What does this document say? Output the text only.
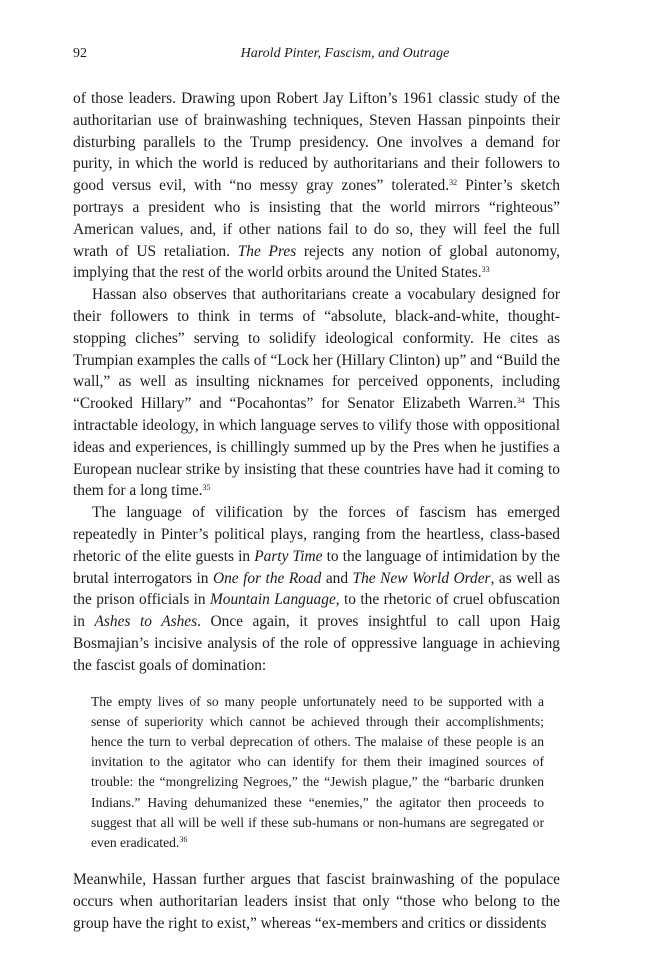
92	Harold Pinter, Fascism, and Outrage

of those leaders. Drawing upon Robert Jay Lifton’s 1961 classic study of the authoritarian use of brainwashing techniques, Steven Hassan pinpoints their disturbing parallels to the Trump presidency. One involves a demand for purity, in which the world is reduced by authoritarians and their followers to good versus evil, with “no messy gray zones” tolerated.$^{32}$ Pinter’s sketch portrays a president who is insisting that the world mirrors “righteous” American values, and, if other nations fail to do so, they will feel the full wrath of US retaliation. The Pres rejects any notion of global autonomy, implying that the rest of the world orbits around the United States.$^{33}$

Hassan also observes that authoritarians create a vocabulary designed for their followers to think in terms of “absolute, black-and-white, thought-stopping cliches” serving to solidify ideological conformity. He cites as Trumpian examples the calls of “Lock her (Hillary Clinton) up” and “Build the wall,” as well as insulting nicknames for perceived opponents, including “Crooked Hillary” and “Pocahontas” for Senator Elizabeth Warren.$^{34}$ This intractable ideology, in which language serves to vilify those with oppositional ideas and experiences, is chillingly summed up by the Pres when he justifies a European nuclear strike by insisting that these countries have had it coming to them for a long time.$^{35}$

The language of vilification by the forces of fascism has emerged repeatedly in Pinter’s political plays, ranging from the heartless, class-based rhetoric of the elite guests in Party Time to the language of intimidation by the brutal interrogators in One for the Road and The New World Order, as well as the prison officials in Mountain Language, to the rhetoric of cruel obfuscation in Ashes to Ashes. Once again, it proves insightful to call upon Haig Bosmajian’s incisive analysis of the role of oppressive language in achieving the fascist goals of domination:

The empty lives of so many people unfortunately need to be supported with a sense of superiority which cannot be achieved through their accomplishments; hence the turn to verbal deprecation of others. The malaise of these people is an invitation to the agitator who can identify for them their imagined sources of trouble: the “mongrelizing Negroes,” the “Jewish plague,” the “barbaric drunken Indians.” Having dehumanized these “enemies,” the agitator then proceeds to suggest that all will be well if these sub-humans or non-humans are segregated or even eradicated.$^{36}$

Meanwhile, Hassan further argues that fascist brainwashing of the populace occurs when authoritarian leaders insist that only “those who belong to the group have the right to exist,” whereas “ex-members and critics or dissidents
